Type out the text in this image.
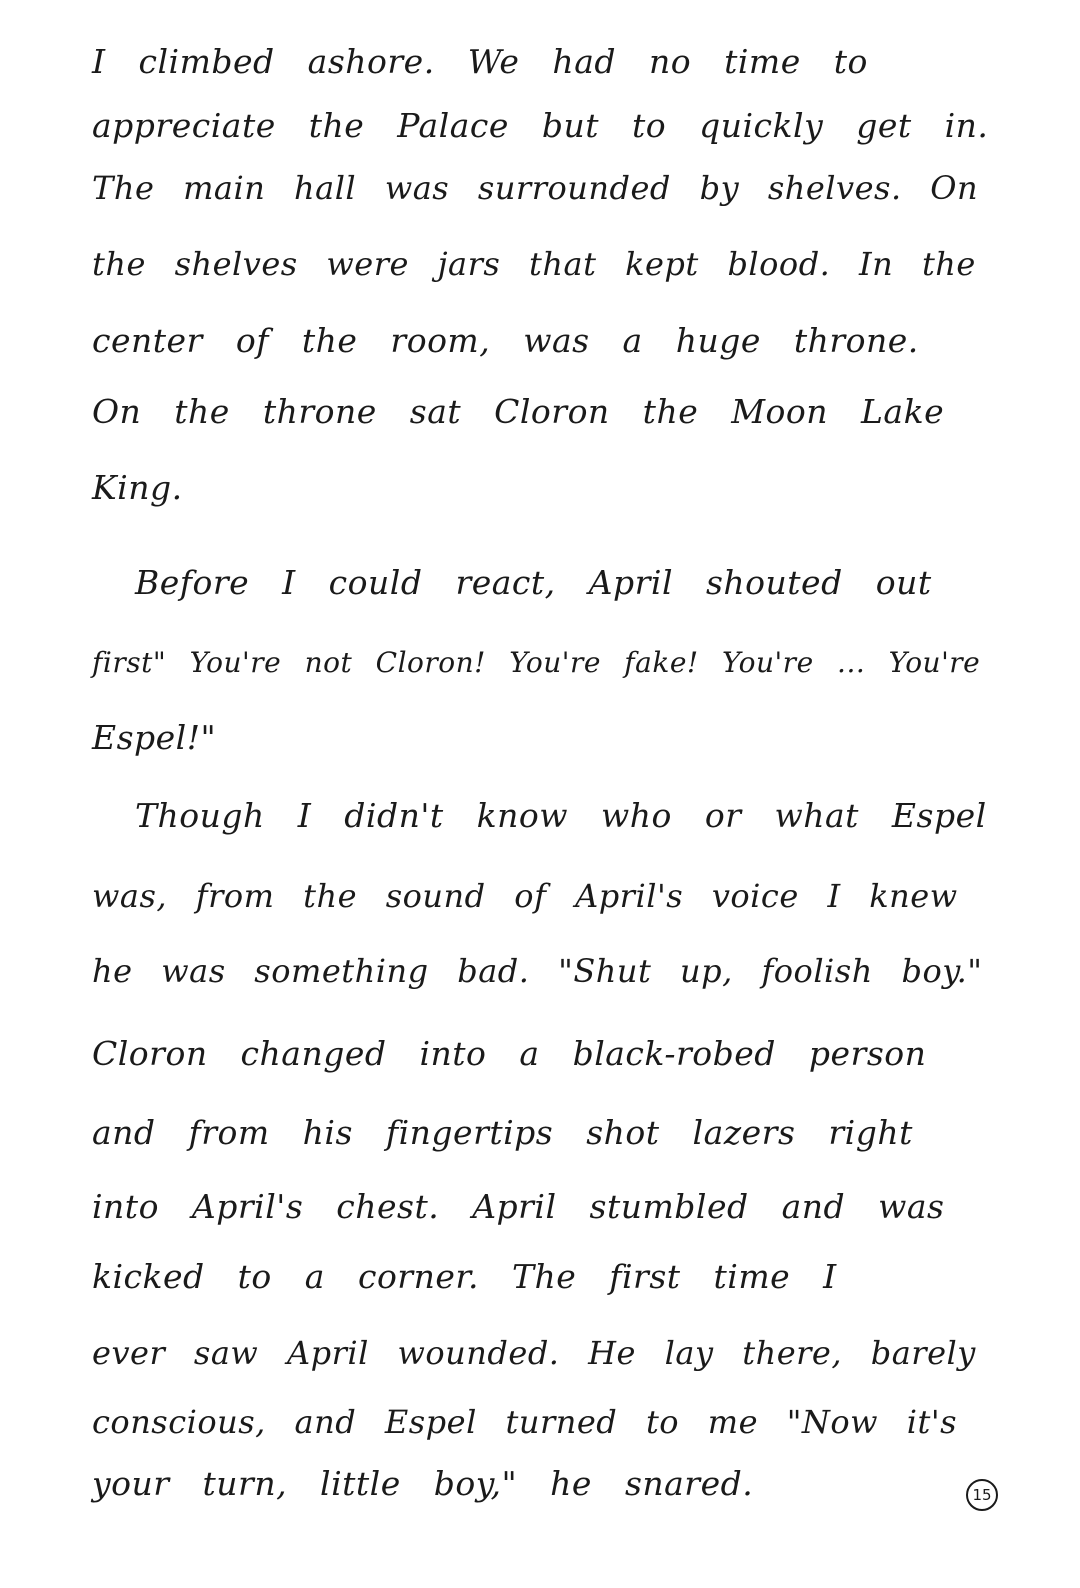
I climbed ashore. We had no time to
appreciate the Palace but to quickly get in.
The main hall was surrounded by shelves. On
the shelves were jars that kept blood. In the
center of the room, was a huge throne.
On the throne sat Cloron the Moon Lake
King.
Before I could react, April shouted out
first" You're not Cloron! You're fake! You're ... You're
Espel!"
Though I didn't know who or what Espel
was, from the sound of April's voice I knew
he was something bad. "Shut up, foolish boy."
Cloron changed into a black-robed person
and from his fingertips shot lazers right
into April's chest. April stumbled and was
kicked to a corner. The first time I
ever saw April wounded. He lay there, barely
conscious, and Espel turned to me "Now it's
your turn, little boy," he snared.	15
